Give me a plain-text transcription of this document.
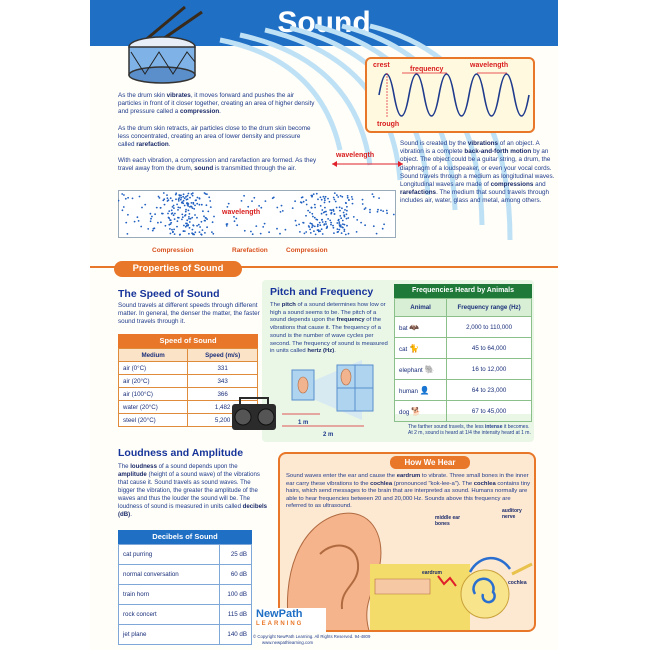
Sound
As the drum skin vibrates, it moves forward and pushes the air particles in front of it closer together, creating an area of higher density and pressure called a compression.
As the drum skin retracts, air particles close to the drum skin become less concentrated, creating an area of lower density and pressure called rarefaction.
With each vibration, a compression and rarefaction are formed. As they travel away from the drum, sound is transmitted through the air.
crest
frequency
wavelength
trough
Sound is created by the vibrations of an object. A vibration is a complete back-and-forth motion by an object. The object could be a guitar string, a drum, the diaphragm of a loudspeaker, or even your vocal cords. Sound travels through a medium as longitudinal waves. Longitudinal waves are made of compressions and rarefactions. The medium that sound travels through includes air, water, glass and metal, among others.
wavelength
wavelength
Compression	Rarefaction	Compression
Properties of Sound
The Speed of Sound
Sound travels at different speeds through different matter. In general, the denser the matter, the faster sound travels through it.
Speed of Sound
Medium	Speed (m/s)
air (0°C)	331
air (20°C)	343
air (100°C)	366
water (20°C)	1,482
steel (20°C)	5,200
Pitch and Frequency
The pitch of a sound determines how low or high a sound seems to be. The pitch of a sound depends upon the frequency of the vibrations that cause it. The frequency of a sound is the number of wave cycles per second. The frequency of sound is measured in units called hertz (Hz).
1 m
2 m
The farther sound travels, the less intense it becomes. At 2 m, sound is heard at 1/4 the intensity heard at 1 m.
Frequencies Heard by Animals
Animal	Frequency range (Hz)
bat 🦇	2,000 to 110,000
cat 🐈	45 to 64,000
elephant 🐘	16 to 12,000
human 👤	64 to 23,000
dog 🐕	67 to 45,000
Loudness and Amplitude
The loudness of a sound depends upon the amplitude (height of a sound wave) of the vibrations that cause it. Sound travels as sound waves. The bigger the vibration, the greater the amplitude of the waves and thus the louder the sound will be. The loudness of sound is measured in units called decibels (dB).
Decibels of Sound
cat purring	25 dB
normal conversation	60 dB
train horn	100 dB
rock concert	115 dB
jet plane	140 dB
How We Hear
Sound waves enter the ear and cause the eardrum to vibrate. Three small bones in the inner ear carry these vibrations to the cochlea (pronounced "kok-lee-a"). The cochlea contains tiny hairs, which send messages to the brain that are interpreted as sound. Humans normally are able to hear frequencies between 20 and 20,000 Hz. Sounds above this frequency are referred to as ultrasound.
middle ear bones
auditory nerve
eardrum
cochlea
NewPath
LEARNING
© Copyright NewPath Learning. All Rights Reserved. 94-4809
www.newpathlearning.com
